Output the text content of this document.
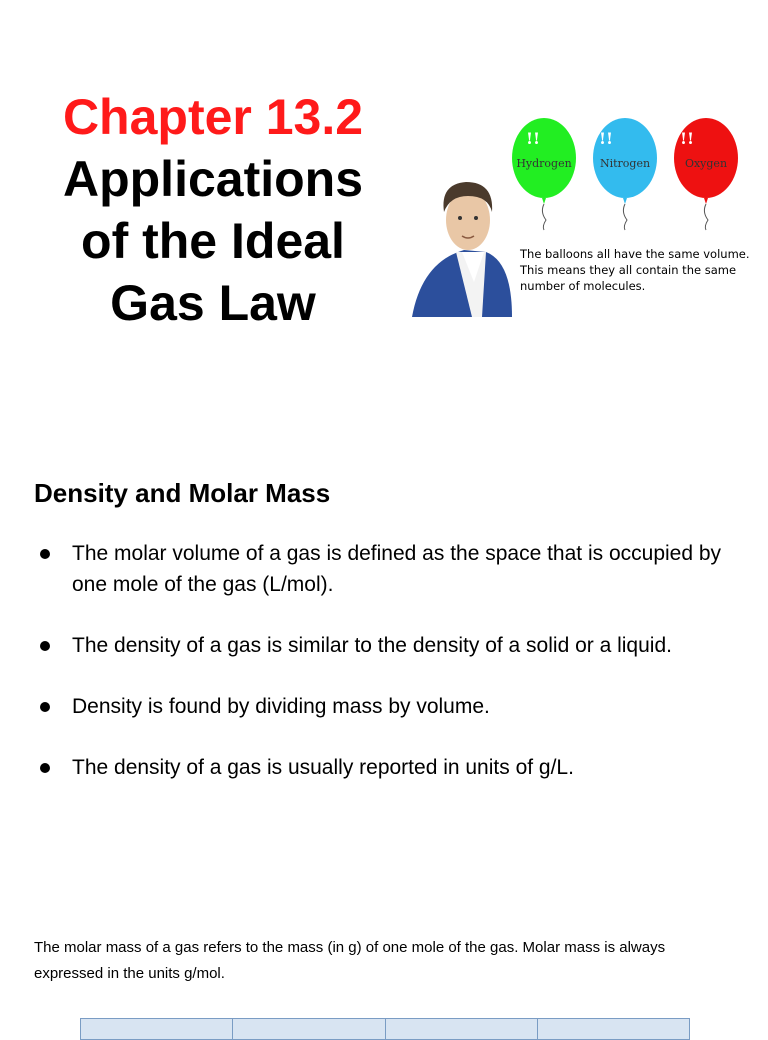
Chapter 13.2
Applications
of the Ideal
Gas Law
!!
Hydrogen
!!
Nitrogen
!!
Oxygen
The balloons all have the same volume. This means they all contain the same number of molecules.
Density and Molar Mass
The molar volume of a gas is defined as the space that is occupied by one mole of the gas (L/mol).
The density of a gas is similar to the density of a solid or a liquid.
Density is found by dividing mass by volume.
The density of a gas is usually reported in units of g/L.
The molar mass of a gas refers to the mass (in g) of one mole of the gas. Molar mass is always expressed in the units g/mol.
